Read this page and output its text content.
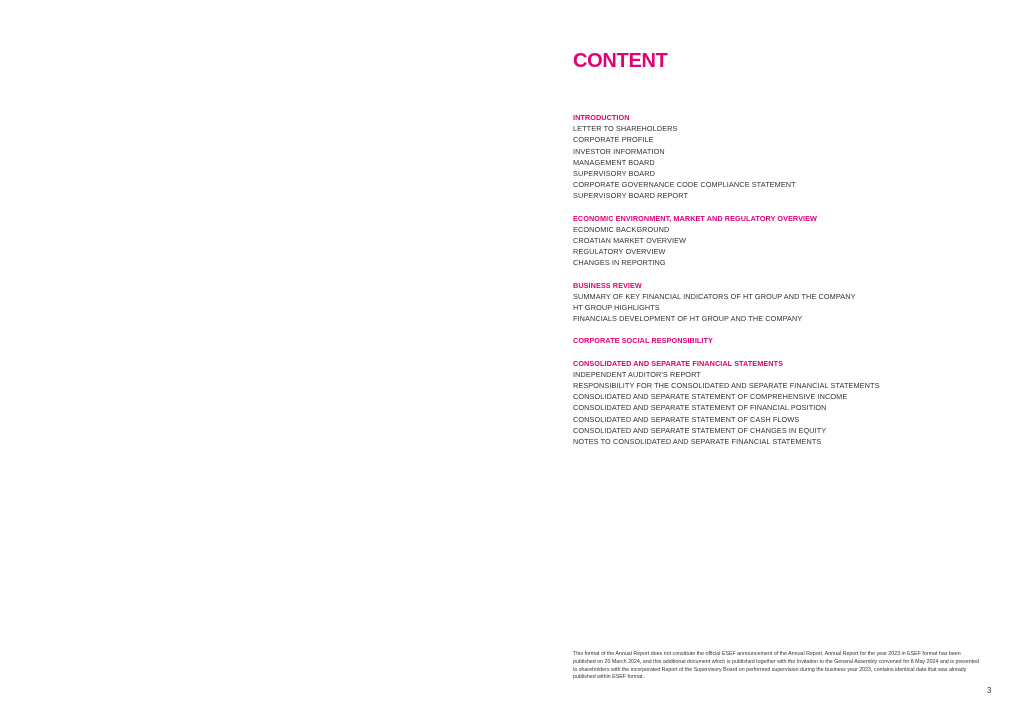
CONTENT
INTRODUCTION
LETTER TO SHAREHOLDERS
CORPORATE PROFILE
INVESTOR INFORMATION
MANAGEMENT BOARD
SUPERVISORY BOARD
CORPORATE GOVERNANCE CODE COMPLIANCE STATEMENT
SUPERVISORY BOARD REPORT
ECONOMIC ENVIRONMENT, MARKET AND REGULATORY OVERVIEW
ECONOMIC BACKGROUND
CROATIAN MARKET OVERVIEW
REGULATORY OVERVIEW
CHANGES IN REPORTING
BUSINESS REVIEW
SUMMARY OF KEY FINANCIAL INDICATORS OF HT GROUP AND THE COMPANY
HT GROUP HIGHLIGHTS
FINANCIALS DEVELOPMENT OF HT GROUP AND THE COMPANY
CORPORATE SOCIAL RESPONSIBILITY
CONSOLIDATED AND SEPARATE FINANCIAL STATEMENTS
INDEPENDENT AUDITOR'S REPORT
RESPONSIBILITY FOR THE CONSOLIDATED AND SEPARATE FINANCIAL STATEMENTS
CONSOLIDATED AND SEPARATE STATEMENT OF COMPREHENSIVE INCOME
CONSOLIDATED AND SEPARATE STATEMENT OF FINANCIAL POSITION
CONSOLIDATED AND SEPARATE STATEMENT OF CASH FLOWS
CONSOLIDATED AND SEPARATE STATEMENT OF CHANGES IN EQUITY
NOTES TO CONSOLIDATED AND SEPARATE FINANCIAL STATEMENTS

This format of the Annual Report does not constitute the official ESEF announcement of the Annual Report. Annual Report for the year 2023 in ESEF format has been published on 20 March 2024, and this additional document which is published together with the Invitation to the General Assembly convened for 8 May 2024 and is presented to shareholders with the incorporated Report of the Supervisory Board on performed supervision during the business year 2023, contains identical data that was already published within ESEF format.

3
